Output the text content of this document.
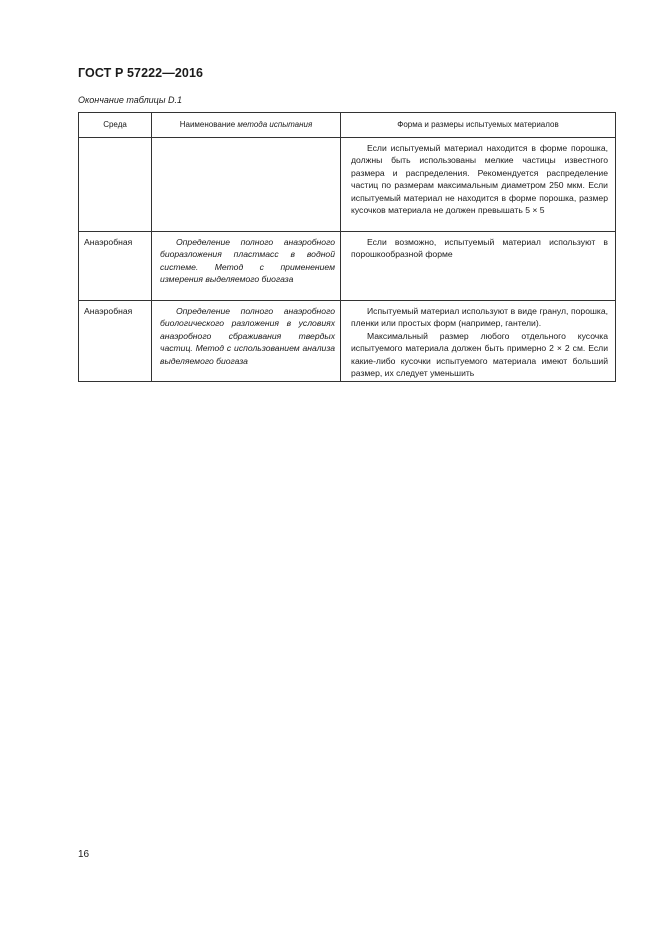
ГОСТ Р 57222—2016
Окончание таблицы D.1
Среда	Наименование метода испытания	Форма и размеры испытуемых материалов

		Если испытуемый материал находится в форме порошка, должны быть использованы мелкие частицы известного размера и распределения. Рекомендуется распределение частиц по размерам максимальным диаметром 250 мкм. Если испытуемый материал не находится в форме порошка, размер кусочков материала не должен превышать 5 × 5

Анаэробная	Определение полного анаэробного биоразложения пластмасс в водной системе. Метод с применением измерения выделяемого биогаза	Если возможно, испытуемый материал используют в порошкообразной форме

Анаэробная	Определение полного анаэробного биологического разложения в условиях анаэробного сбраживания твердых частиц. Метод с использованием анализа выделяемого биогаза	Испытуемый материал используют в виде гранул, порошка, пленки или простых форм (например, гантели).
Максимальный размер любого отдельного кусочка испытуемого материала должен быть примерно 2 × 2 см. Если какие-либо кусочки испытуемого материала имеют больший размер, их следует уменьшить
16
